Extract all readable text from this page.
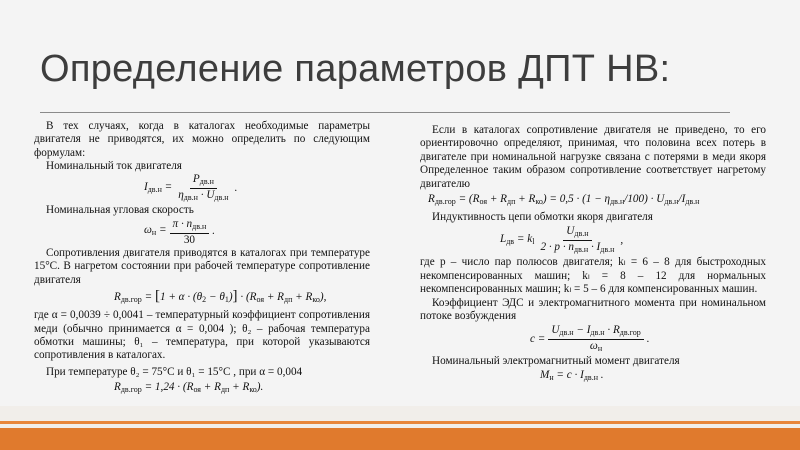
Определение параметров ДПТ НВ:

В тех случаях, когда в каталогах необходимые параметры двигателя не приводятся, их можно определить по следующим формулам:

Номинальный ток двигателя

$I_{дв.н} = \frac{P_{дв.н}}{\eta_{дв.н} \cdot U_{дв.н}}$ .

Номинальная угловая скорость

$\omega_н = \frac{\pi \cdot n_{дв.н}}{30}$ .

Сопротивления двигателя приводятся в каталогах при температуре 15°С. В нагретом состоянии при рабочей температуре сопротивление двигателя

$R_{дв.гор} = [1 + \alpha \cdot (\theta_2 - \theta_1)] \cdot (R_{оя} + R_{дп} + R_{ко})$,

где α = 0,0039 ÷ 0,0041 – температурный коэффициент сопротивления меди (обычно принимается α = 0,004 ); θ₂ – рабочая температура обмотки машины; θ₁ – температура, при которой указываются сопротивления в каталогах.

При температуре θ₂ = 75°С и θ₁ = 15°С , при α = 0,004

$R_{дв.гор} = 1,24 \cdot (R_{оя} + R_{дп} + R_{ко})$.

Если в каталогах сопротивление двигателя не приведено, то его ориентировочно определяют, принимая, что половина всех потерь в двигателе при номинальной нагрузке связана с потерями в меди якоря Определенное таким образом сопротивление соответствует нагретому двигателю

$R_{дв.гор} = (R_{оя} + R_{дп} + R_{ко}) = 0,5 \cdot (1 - \eta_{дв.н}/100) \cdot U_{дв.н}/I_{дв.н}$

Индуктивность цепи обмотки якоря двигателя

$L_{дв} = k_l \frac{U_{дв.н}}{2 \cdot p \cdot n_{дв.н} \cdot I_{дв.н}}$ ,

где p – число пар полюсов двигателя; kₗ = 6 – 8 для быстроходных некомпенсированных машин; kₗ = 8 – 12 для нормальных некомпенсированных машин; kₗ = 5 – 6 для компенсированных машин.

Коэффициент ЭДС и электромагнитного момента при номинальном потоке возбуждения

$c = \frac{U_{дв.н} - I_{дв.н} \cdot R_{дв.гор}}{\omega_н}$ .

Номинальный электромагнитный момент двигателя

$M_н = c \cdot I_{дв.н}$ .
